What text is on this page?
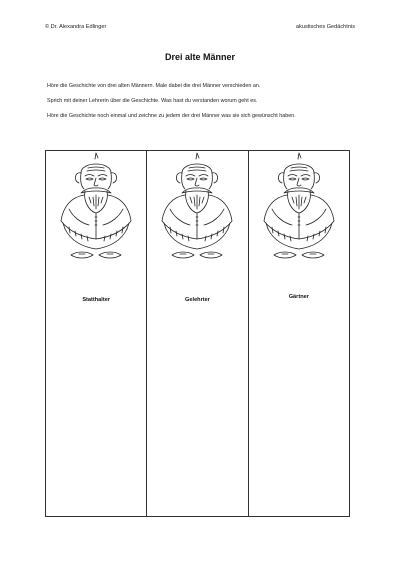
© Dr. Alexandra Edlinger	akustisches Gedächtnis
Drei alte Männer
Höre die Geschichte von drei alten Männern. Male dabei die drei Männer verschieden an.
Sprich mit deiner Lehrerin über die Geschichte. Was hast du verstanden worum geht es.
Höre die Geschichte noch einmal und zeichne zu jedem der drei Männer was sie sich gewünscht haben.
Statthalter	Gelehrter	Gärtner
